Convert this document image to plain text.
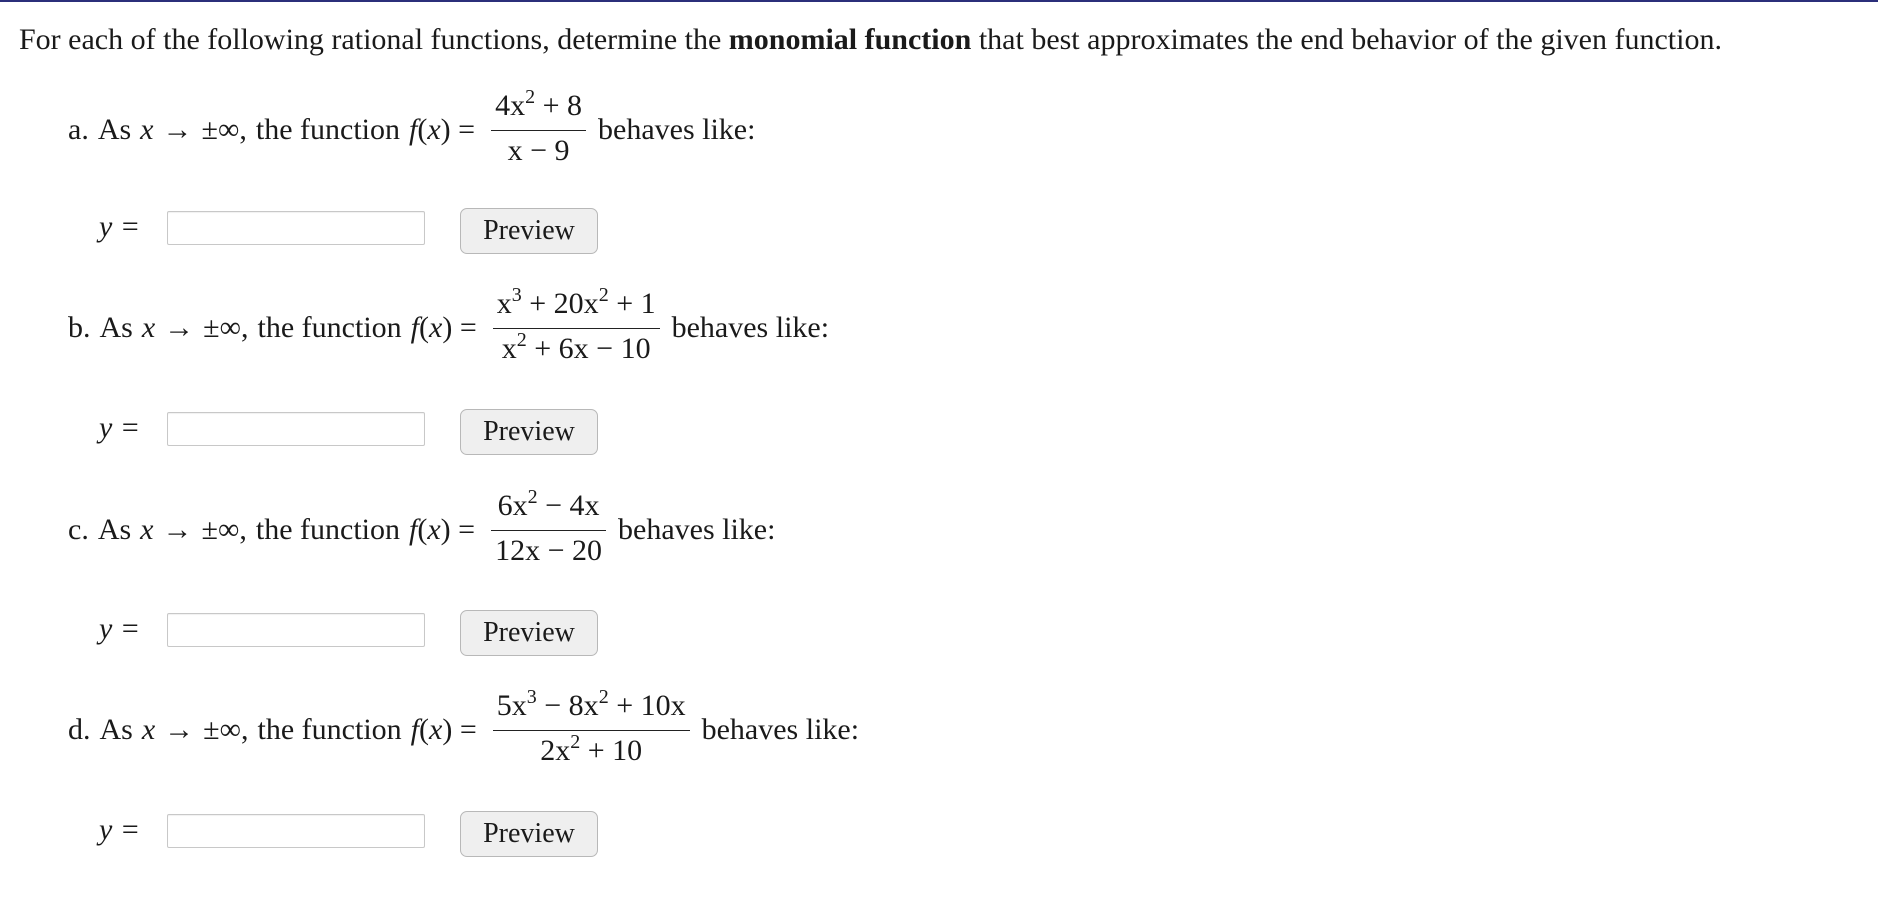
For each of the following rational functions, determine the monomial function that best approximates the end behavior of the given function.
a. As x → ±∞, the function f ( x ) = $\frac{4x^2 + 8}{x - 9}$ behaves like:
y =	Preview
b. As x → ±∞, the function f ( x ) = $\frac{x^3 + 20x^2 + 1}{x^2 + 6x - 10}$ behaves like:
y =	Preview
c. As x → ±∞, the function f ( x ) = $\frac{6x^2 - 4x}{12x - 20}$ behaves like:
y =	Preview
d. As x → ±∞, the function f ( x ) = $\frac{5x^3 - 8x^2 + 10x}{2x^2 + 10}$ behaves like:
y =	Preview
